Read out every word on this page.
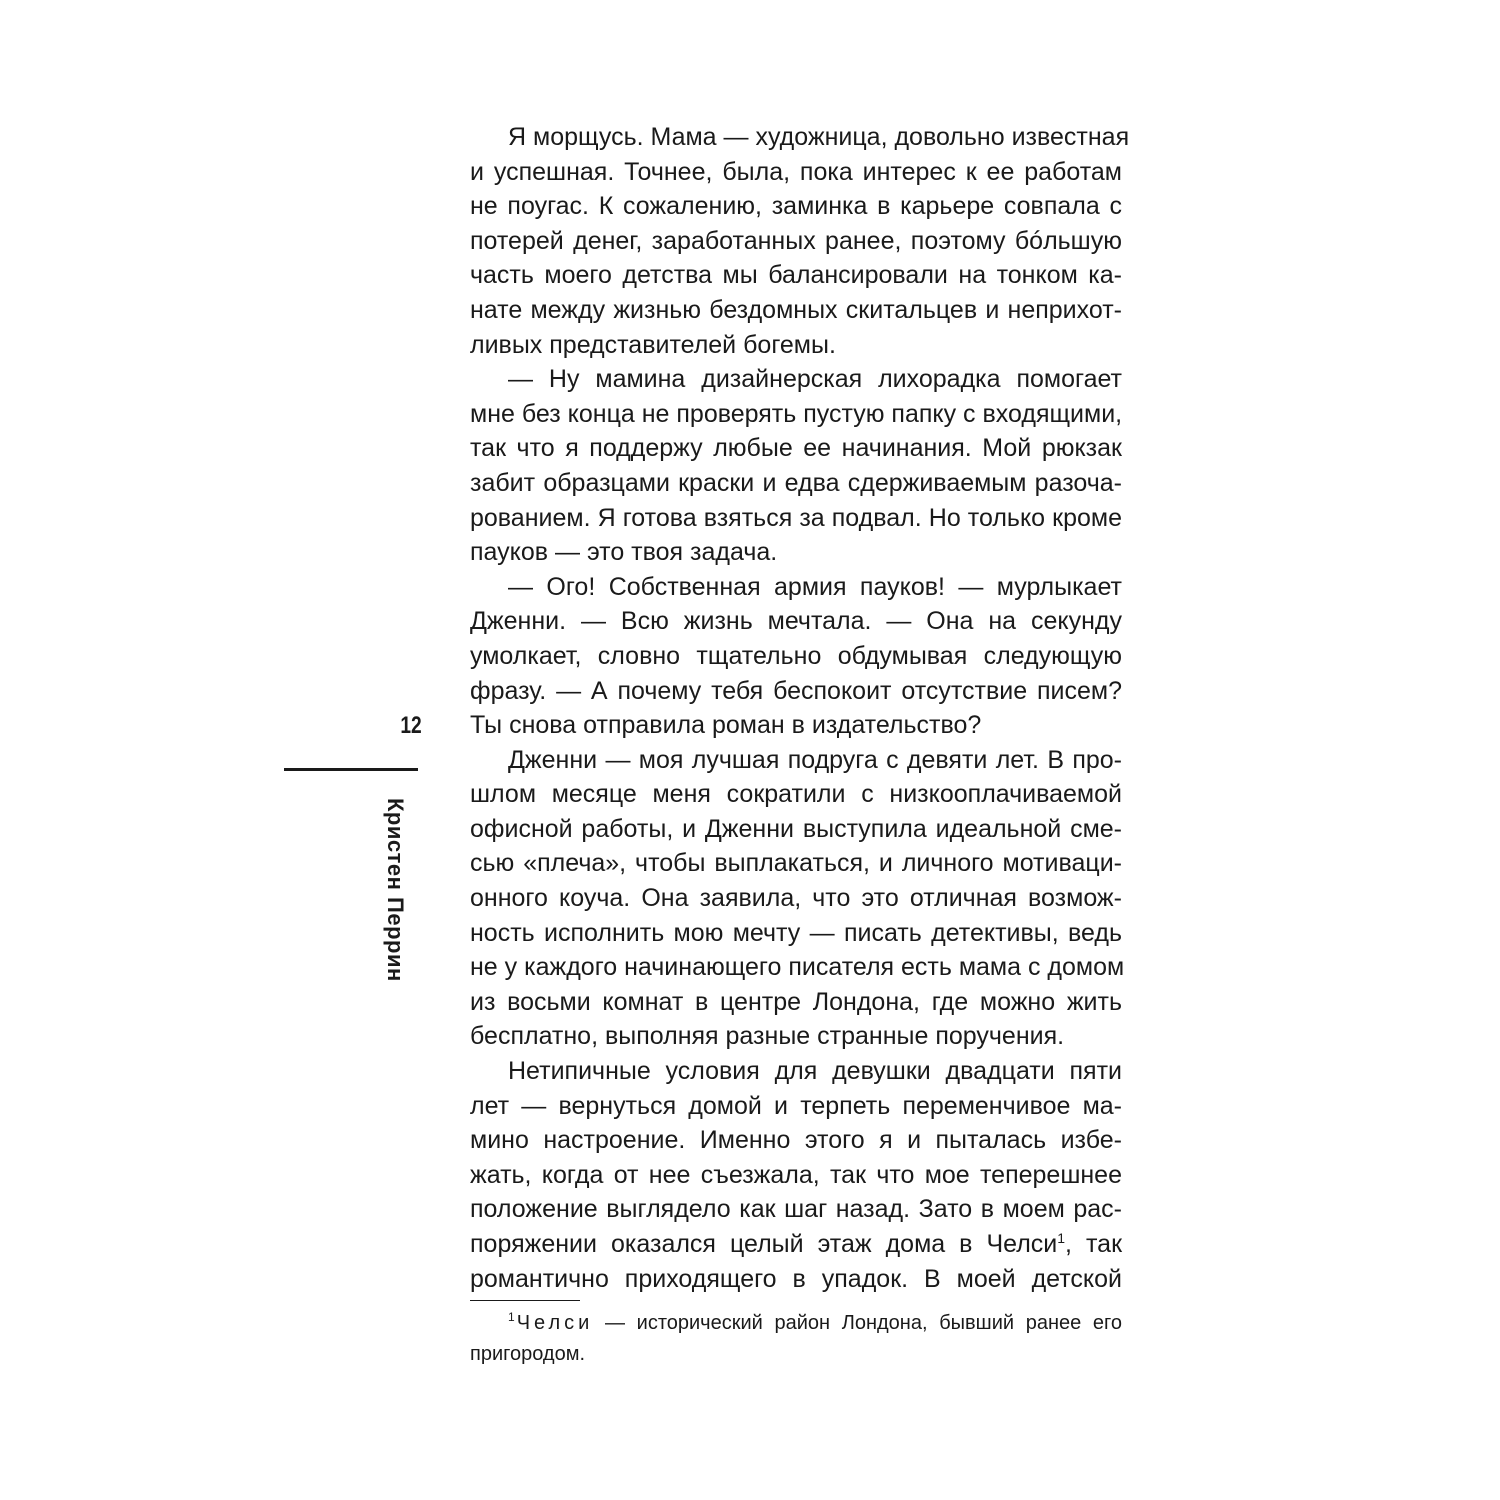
12
Кристен Перрин
Я морщусь. Мама — художница, довольно известная
и успешная. Точнее, была, пока интерес к ее работам
не поугас. К сожалению, заминка в карьере совпала с
потерей денег, заработанных ранее, поэтому бóльшую
часть моего детства мы балансировали на тонком ка-
нате между жизнью бездомных скитальцев и неприхот-
ливых представителей богемы.
— Ну мамина дизайнерская лихорадка помогает
мне без конца не проверять пустую папку с входящими,
так что я поддержу любые ее начинания. Мой рюкзак
забит образцами краски и едва сдерживаемым разоча-
рованием. Я готова взяться за подвал. Но только кроме
пауков — это твоя задача.
— Ого! Собственная армия пауков! — мурлыкает
Дженни. — Всю жизнь мечтала. — Она на секунду
умолкает, словно тщательно обдумывая следующую
фразу. — А почему тебя беспокоит отсутствие писем?
Ты снова отправила роман в издательство?
Дженни — моя лучшая подруга с девяти лет. В про-
шлом месяце меня сократили с низкооплачиваемой
офисной работы, и Дженни выступила идеальной сме-
сью «плеча», чтобы выплакаться, и личного мотиваци-
онного коуча. Она заявила, что это отличная возмож-
ность исполнить мою мечту — писать детективы, ведь
не у каждого начинающего писателя есть мама с домом
из восьми комнат в центре Лондона, где можно жить
бесплатно, выполняя разные странные поручения.
Нетипичные условия для девушки двадцати пяти
лет — вернуться домой и терпеть переменчивое ма-
мино настроение. Именно этого я и пыталась избе-
жать, когда от нее съезжала, так что мое теперешнее
положение выглядело как шаг назад. Зато в моем рас-
поряжении оказался целый этаж дома в Челси$^1$, так
романтично приходящего в упадок. В моей детской
$^1$ Челси — исторический район Лондона, бывший ранее его
пригородом.
